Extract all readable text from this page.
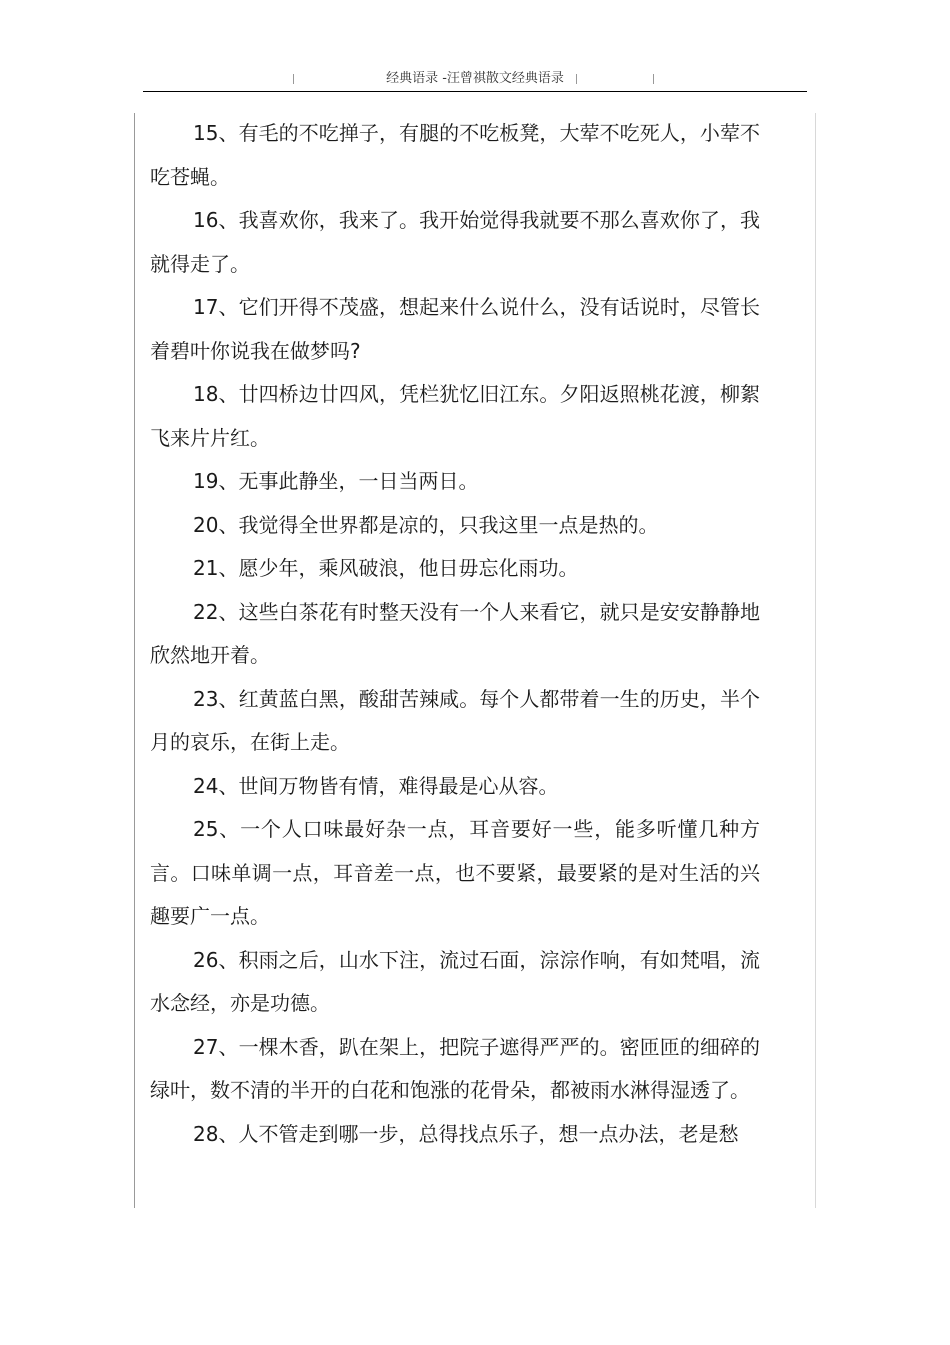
经典语录 -汪曾祺散文经典语录

15、有毛的不吃掸子，有腿的不吃板凳，大荤不吃死人，小荤不吃苍蝇。

16、我喜欢你，我来了。我开始觉得我就要不那么喜欢你了，我就得走了。

17、它们开得不茂盛，想起来什么说什么，没有话说时，尽管长着碧叶你说我在做梦吗?

18、廿四桥边廿四风，凭栏犹忆旧江东。夕阳返照桃花渡，柳絮飞来片片红。

19、无事此静坐，一日当两日。

20、我觉得全世界都是凉的，只我这里一点是热的。

21、愿少年，乘风破浪，他日毋忘化雨功。

22、这些白茶花有时整天没有一个人来看它，就只是安安静静地欣然地开着。

23、红黄蓝白黑，酸甜苦辣咸。每个人都带着一生的历史，半个月的哀乐，在街上走。

24、世间万物皆有情，难得最是心从容。

25、一个人口味最好杂一点，耳音要好一些，能多听懂几种方言。口味单调一点，耳音差一点，也不要紧，最要紧的是对生活的兴趣要广一点。

26、积雨之后，山水下注，流过石面，淙淙作响，有如梵唱，流水念经，亦是功德。

27、一棵木香，趴在架上，把院子遮得严严的。密匝匝的细碎的绿叶，数不清的半开的白花和饱涨的花骨朵，都被雨水淋得湿透了。

28、人不管走到哪一步，总得找点乐子，想一点办法，老是愁
